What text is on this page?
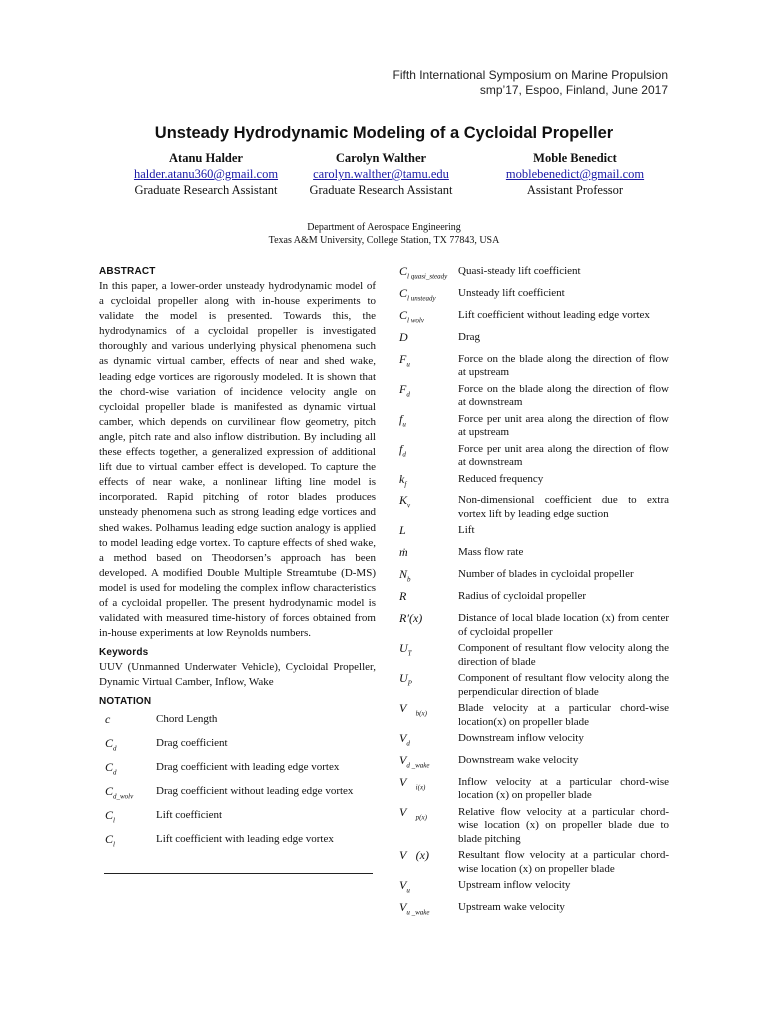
Fifth International Symposium on Marine Propulsion
smp’17, Espoo, Finland, June 2017
Unsteady Hydrodynamic Modeling of a Cycloidal Propeller
Atanu Halder
halder.atanu360@gmail.com
Graduate Research Assistant
Carolyn Walther
carolyn.walther@tamu.edu
Graduate Research Assistant
Moble Benedict
moblebenedict@gmail.com
Assistant Professor
Department of Aerospace Engineering
Texas A&M University, College Station, TX 77843, USA
ABSTRACT

In this paper, a lower-order unsteady hydrodynamic model of a cycloidal propeller along with in-house experiments to validate the model is presented. Towards this, the hydrodynamics of a cycloidal propeller is investigated thoroughly and various underlying physical phenomena such as dynamic virtual camber, effects of near and shed wake, leading edge vortices are rigorously modeled. It is shown that the chord-wise variation of incidence velocity angle on cycloidal propeller blade is manifested as dynamic virtual camber, which depends on curvilinear flow geometry, pitch angle, pitch rate and also inflow distribution. By including all these effects together, a generalized expression of additional lift due to virtual camber effect is developed. To capture the effects of near wake, a nonlinear lifting line model is incorporated. Rapid pitching of rotor blades produces unsteady phenomena such as strong leading edge vortices and shed wakes. Polhamus leading edge suction analogy is applied to model leading edge vortex. To capture effects of shed wake, a method based on Theodorsen’s approach has been developed. A modified Double Multiple Streamtube (D-MS) model is used for modeling the complex inflow characteristics of a cycloidal propeller. The present hydrodynamic model is validated with measured time-history of forces obtained from in-house experiments at low Reynolds numbers.

Keywords

UUV (Unmanned Underwater Vehicle), Cycloidal Propeller, Dynamic Virtual Camber, Inflow, Wake

NOTATION
c	Chord Length
$C_d$	Drag coefficient
$C_d$	Drag coefficient with leading edge vortex
$C_{d\_wolv}$	Drag coefficient without leading edge vortex
$C_l$	Lift coefficient
$C_l$	Lift coefficient with leading edge vortex
$C_{l quasi\_steady}$ Quasi-steady lift coefficient
$C_{l unsteady}$	Unsteady lift coefficient
$C_{l wolv}$	Lift coefficient without leading edge vortex
D	Drag
$F_u$	Force on the blade along the direction of flow at upstream
$F_d$	Force on the blade along the direction of flow at downstream
$f_u$	Force per unit area along the direction of flow at upstream
$f_d$	Force per unit area along the direction of flow at downstream
$k_f$	Reduced frequency
$K_v$	Non-dimensional coefficient due to extra vortex lift by leading edge suction
L	Lift
ṁ	Mass flow rate
$N_b$	Number of blades in cycloidal propeller
R	Radius of cycloidal propeller
R′(x)	Distance of local blade location (x) from center of cycloidal propeller
$U_T$	Component of resultant flow velocity along the direction of blade
$U_P$	Component of resultant flow velocity along the perpendicular direction of blade
$V⃗_{b(x)}$	Blade velocity at a particular chord-wise location(x) on propeller blade
$V_d$	Downstream inflow velocity
$V_{d \_wake}$	Downstream wake velocity
$V⃗_{i(x)}$	Inflow velocity at a particular chord-wise location (x) on propeller blade
$V⃗_{p(x)}$	Relative flow velocity at a particular chord-wise location (x) on propeller blade due to blade pitching
V⃗(x)	Resultant flow velocity at a particular chord-wise location (x) on propeller blade
$V_u$	Upstream inflow velocity
$V_{u \_wake}$	Upstream wake velocity
